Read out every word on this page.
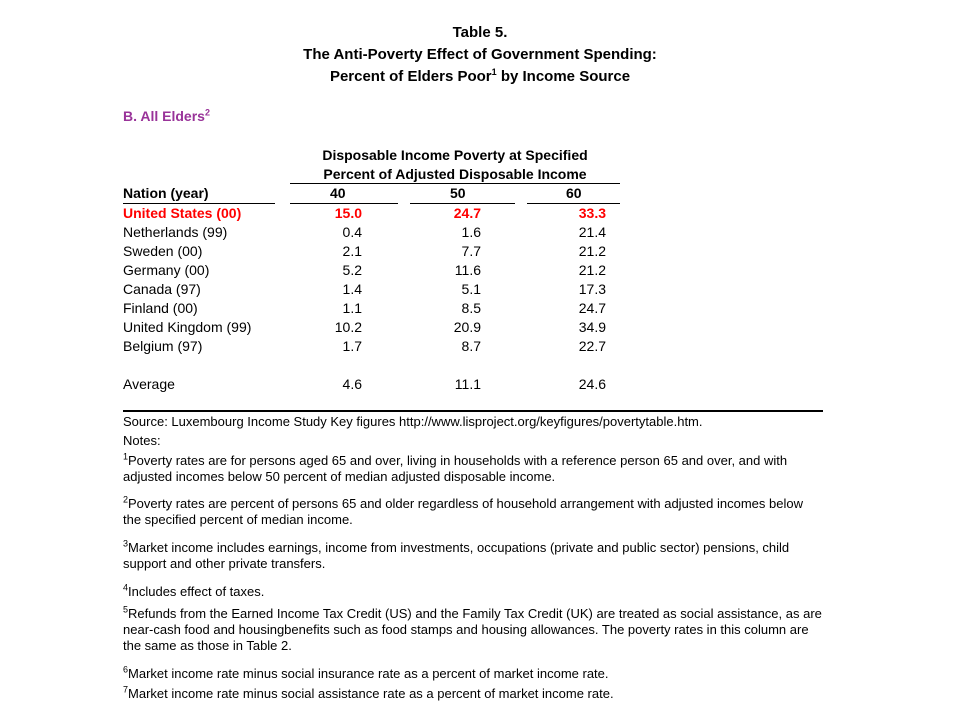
Table 5.
The Anti-Poverty Effect of Government Spending:
Percent of Elders Poor$^1$ by Income Source
B. All Elders$^2$
Disposable Income Poverty at Specified
Percent of Adjusted Disposable Income
Nation (year)	40	50	60
United States (00)	15.0	24.7	33.3
Netherlands (99)	0.4	1.6	21.4
Sweden (00)	2.1	7.7	21.2
Germany (00)	5.2	11.6	21.2
Canada (97)	1.4	5.1	17.3
Finland (00)	1.1	8.5	24.7
United Kingdom (99)	10.2	20.9	34.9
Belgium (97)	1.7	8.7	22.7
Average	4.6	11.1	24.6
Source: Luxembourg Income Study Key figures http://www.lisproject.org/keyfigures/povertytable.htm.
Notes:
$^1$Poverty rates are for persons aged 65 and over, living in households with a reference person 65 and over, and with adjusted incomes below 50 percent of median adjusted disposable income.
$^2$Poverty rates are percent of persons 65 and older regardless of household arrangement with adjusted incomes below the specified percent of median income.
$^3$Market income includes earnings, income from investments, occupations (private and public sector) pensions, child support and other private transfers.
$^4$Includes effect of taxes.
$^5$Refunds from the Earned Income Tax Credit (US) and the Family Tax Credit (UK) are treated as social assistance, as are near-cash food and housingbenefits such as food stamps and housing allowances. The poverty rates in this column are the same as those in Table 2.
$^6$Market income rate minus social insurance rate as a percent of market income rate.
$^7$Market income rate minus social assistance rate as a percent of market income rate.
